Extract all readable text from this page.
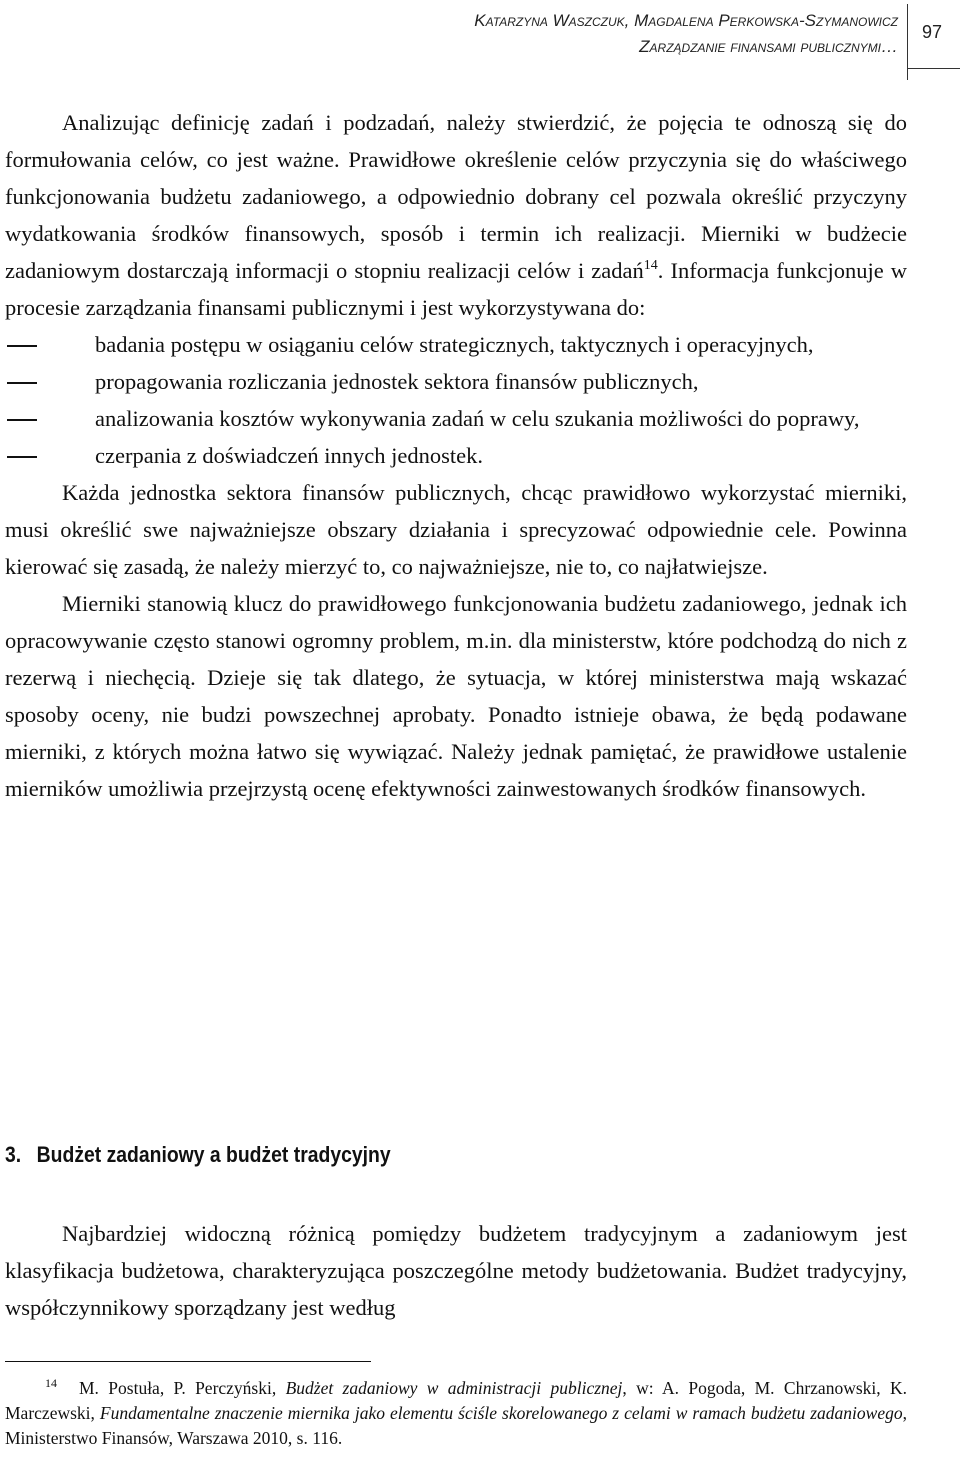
Katarzyna Waszczuk, Magdalena Perkowska-Szymanowicz
Zarządzanie finansami publicznymi…
97

Analizując definicję zadań i podzadań, należy stwierdzić, że pojęcia te odnoszą się do formułowania celów, co jest ważne. Prawidłowe określenie celów przyczynia się do właściwego funkcjonowania budżetu zadaniowego, a odpowiednio dobrany cel pozwala określić przyczyny wydatkowania środków finansowych, sposób i termin ich realizacji. Mierniki w budżecie zadaniowym dostarczają informacji o stopniu realizacji celów i zadań$^{14}$. Informacja funkcjonuje w procesie zarządzania finansami publicznymi i jest wykorzystywana do:

badania postępu w osiąganiu celów strategicznych, taktycznych i operacyjnych,
propagowania rozliczania jednostek sektora finansów publicznych,
analizowania kosztów wykonywania zadań w celu szukania możliwości do poprawy,
czerpania z doświadczeń innych jednostek.

Każda jednostka sektora finansów publicznych, chcąc prawidłowo wykorzystać mierniki, musi określić swe najważniejsze obszary działania i sprecyzować odpowiednie cele. Powinna kierować się zasadą, że należy mierzyć to, co najważniejsze, nie to, co najłatwiejsze.

Mierniki stanowią klucz do prawidłowego funkcjonowania budżetu zadaniowego, jednak ich opracowywanie często stanowi ogromny problem, m.in. dla ministerstw, które podchodzą do nich z rezerwą i niechęcią. Dzieje się tak dlatego, że sytuacja, w której ministerstwa mają wskazać sposoby oceny, nie budzi powszechnej aprobaty. Ponadto istnieje obawa, że będą podawane mierniki, z których można łatwo się wywiązać. Należy jednak pamiętać, że prawidłowe ustalenie mierników umożliwia przejrzystą ocenę efektywności zainwestowanych środków finansowych.

3. Budżet zadaniowy a budżet tradycyjny

Najbardziej widoczną różnicą pomiędzy budżetem tradycyjnym a zadaniowym jest klasyfikacja budżetowa, charakteryzująca poszczególne metody budżetowania. Budżet tradycyjny, współczynnikowy sporządzany jest według

14 M. Postuła, P. Perczyński, Budżet zadaniowy w administracji publicznej, w: A. Pogoda, M. Chrzanowski, K. Marczewski, Fundamentalne znaczenie miernika jako elementu ściśle skorelowanego z celami w ramach budżetu zadaniowego, Ministerstwo Finansów, Warszawa 2010, s. 116.
